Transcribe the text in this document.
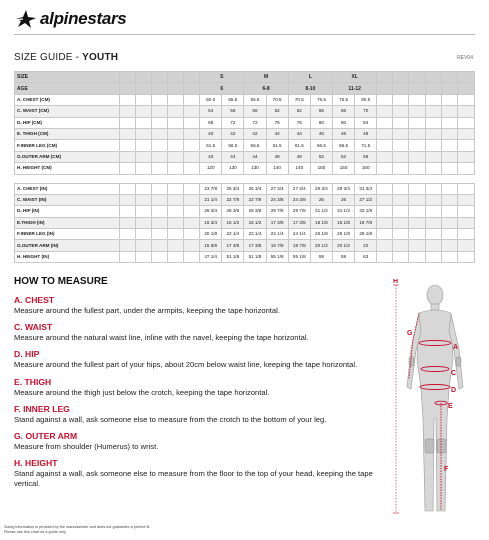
alpinestars
SIZE GUIDE - YOUTH	REV04
SIZE						S		M		L		XL							
AGE						6		6-8		8-10		11-12							
A. CHEST (CM)						60.5	65.5	65.5	70.5	70.5	75.5	75.5	80.5						
C. WAIST (CM)						54	58	58	62	62	66	66	70						
D. HIP (CM)						68	72	72	76	76	80	80	84						
E. THIGH (CM)						40	42	42	44	44	46	46	48						
F.INNER LEG (CM)						51.5	56.5	56.5	61.5	61.5	66.5	66.5	71.5						
G.OUTER ARM (CM)						40	44	44	48	48	52	52	56						
H. HEIGHT (CM)						120	130	130	140	140	150	150	160						

A. CHEST (IN)						23 7/8	25 3/4	25 3/4	27 3/4	27 3/4	29 3/4	29 3/4	31 3/4						
C. WAIST (IN)						21 1/4	22 7/8	22 7/8	24 3/8	24 3/8	26	26	27 1/2						
D. HIP (IN)						26 3/4	28 3/8	28 3/8	29 7/8	29 7/8	31 1/2	31 1/2	33 1/8						
E.THIGH (IN)						15 3/4	16 1/2	16 1/2	17 3/8	17 3/8	18 1/8	18 1/8	18 7/8						
F.INNER LEG (IN)						20 1/8	22 1/4	22 1/4	24 1/4	24 1/4	26 1/8	26 1/8	28 1/8						
G.OUTER ARM (IN)						15 6/8	17 3/8	17 3/8	18 7/8	18 7/8	20 1/2	20 1/2	22						
H. HEIGHT (IN)						47 1/4	51 1/8	51 1/8	55 1/8	55 1/8	59	59	63						
HOW TO MEASURE
A. CHEST
Measure around the fullest part, under the armpits, keeping the tape horizontal.
C. WAIST
Measure around the natural waist line, inline with the navel, keeping the tape horizontal.
D. HIP
Measure around the fullest part of your hips, about 20cm below waist line, keeping the tape horizontal.
E. THIGH
Measure around the thigh just below the crotch, keeping the tape horizontal.
F. INNER LEG
Stand against a wall, ask someone else to measure from the crotch to the bottom of your leg.
G. OUTER ARM
Measure from shoulder (Humerus) to wrist.
H. HEIGHT
Stand against a wall, ask someone else to measure from the floor to the top of your head, keeping the tape vertical.
H
G
A
C
D
E
F
Sizing information is provided by the manufacturer and does not guarantee a perfect fit.
Please use this chart as a guide only.
